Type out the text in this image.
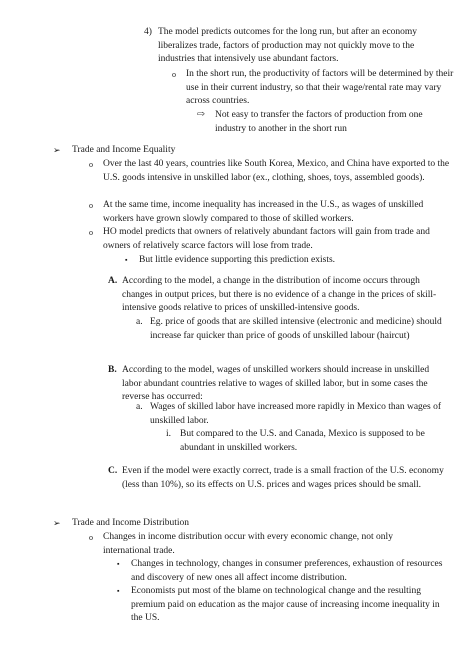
4) The model predicts outcomes for the long run, but after an economy liberalizes trade, factors of production may not quickly move to the industries that intensively use abundant factors.

o	In the short run, the productivity of factors will be determined by their use in their current industry, so that their wage/rental rate may vary across countries.

⇨	Not easy to transfer the factors of production from one industry to another in the short run

➢	Trade and Income Equality

o	Over the last 40 years, countries like South Korea, Mexico, and China have exported to the U.S. goods intensive in unskilled labor (ex., clothing, shoes, toys, assembled goods).

o	At the same time, income inequality has increased in the U.S., as wages of unskilled workers have grown slowly compared to those of skilled workers.

o	HO model predicts that owners of relatively abundant factors will gain from trade and owners of relatively scarce factors will lose from trade.

▪	But little evidence supporting this prediction exists.

A. According to the model, a change in the distribution of income occurs through changes in output prices, but there is no evidence of a change in the prices of skill-intensive goods relative to prices of unskilled-intensive goods.

a. Eg. price of goods that are skilled intensive (electronic and medicine) should increase far quicker than price of goods of unskilled labour (haircut)

B. According to the model, wages of unskilled workers should increase in unskilled labor abundant countries relative to wages of skilled labor, but in some cases the reverse has occurred:

a. Wages of skilled labor have increased more rapidly in Mexico than wages of unskilled labor.

i. But compared to the U.S. and Canada, Mexico is supposed to be abundant in unskilled workers.

C. Even if the model were exactly correct, trade is a small fraction of the U.S. economy (less than 10%), so its effects on U.S. prices and wages prices should be small.

➢	Trade and Income Distribution

o	Changes in income distribution occur with every economic change, not only international trade.

▪	Changes in technology, changes in consumer preferences, exhaustion of resources and discovery of new ones all affect income distribution.

▪	Economists put most of the blame on technological change and the resulting premium paid on education as the major cause of increasing income inequality in the US.
